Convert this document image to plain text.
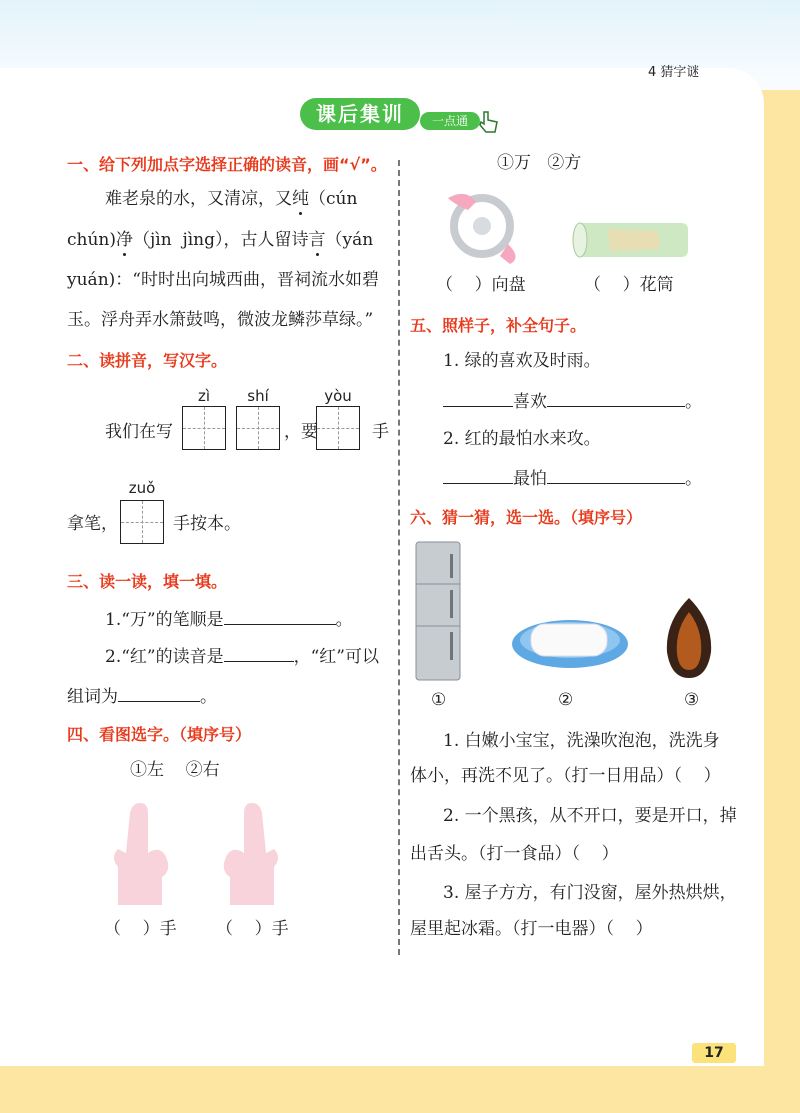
4 猜字谜
课后集训	一点通
一、给下列加点字选择正确的读音，画“√”。
难老泉的水，又清凉，又纯（cún
chún)净（jìn  jìng），古人留诗言（yán
yuán)：“时时出向城西曲，晋祠流水如碧
玉。浮舟弄水箫鼓鸣，微波龙鳞莎草绿。”
二、读拼音，写汉字。
zì	shí	yòu
我们在写	，要	手
zuǒ
拿笔，	手按本。
三、读一读，填一填。
1.“万”的笔顺是	。
2.“红”的读音是	，“红”可以
组词为	。
四、看图选字。（填序号）
①左    ②右
（    ）手 （    ）手
①万   ②方
（    ）向盘	（    ）花筒
五、照样子，补全句子。
1. 绿的喜欢及时雨。
喜欢	。
2. 红的最怕水来攻。
最怕	。
六、猜一猜，选一选。（填序号）
①	②	③
1. 白嫩小宝宝，洗澡吹泡泡，洗洗身
体小，再洗不见了。（打一日用品）（    ）
2. 一个黑孩，从不开口，要是开口，掉
出舌头。（打一食品）（    ）
3. 屋子方方，有门没窗，屋外热烘烘，
屋里起冰霜。（打一电器）（    ）
17
